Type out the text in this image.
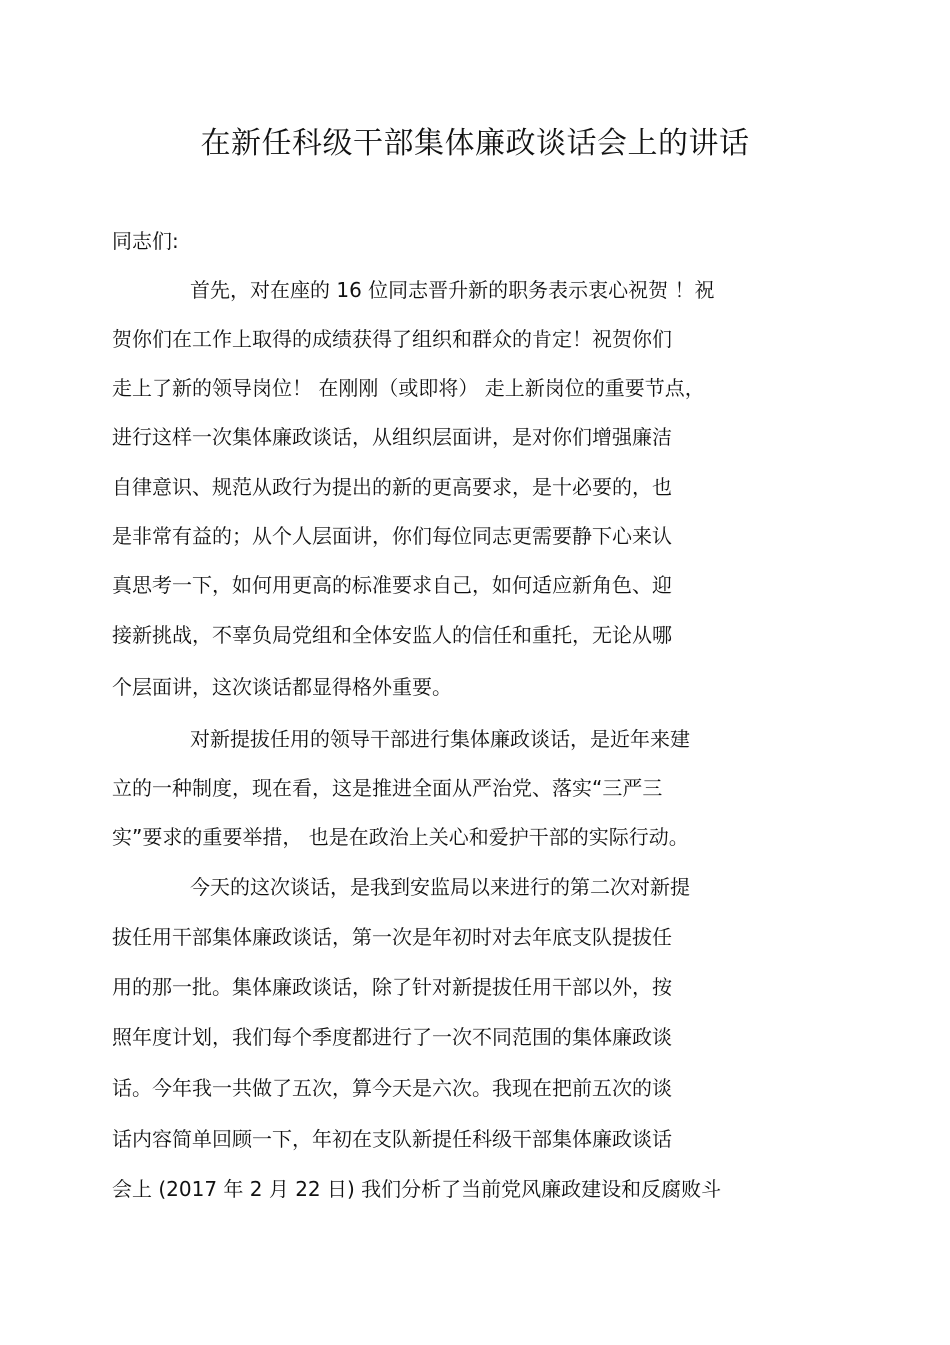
在新任科级干部集体廉政谈话会上的讲话
同志们:
首先，对在座的 16 位同志晋升新的职务表示衷心祝贺 ！祝
贺你们在工作上取得的成绩获得了组织和群众的肯定！祝贺你们
走上了新的领导岗位！ 在刚刚（或即将） 走上新岗位的重要节点，
进行这样一次集体廉政谈话，从组织层面讲，是对你们增强廉洁
自律意识、规范从政行为提出的新的更高要求，是十必要的，也
是非常有益的；从个人层面讲，你们每位同志更需要静下心来认
真思考一下，如何用更高的标准要求自己，如何适应新角色、迎
接新挑战，不辜负局党组和全体安监人的信任和重托，无论从哪
个层面讲，这次谈话都显得格外重要。
对新提拔任用的领导干部进行集体廉政谈话，是近年来建
立的一种制度，现在看，这是推进全面从严治党、落实“三严三
实”要求的重要举措， 也是在政治上关心和爱护干部的实际行动。
今天的这次谈话，是我到安监局以来进行的第二次对新提
拔任用干部集体廉政谈话，第一次是年初时对去年底支队提拔任
用的那一批。集体廉政谈话，除了针对新提拔任用干部以外，按
照年度计划，我们每个季度都进行了一次不同范围的集体廉政谈
话。今年我一共做了五次，算今天是六次。我现在把前五次的谈
话内容简单回顾一下，年初在支队新提任科级干部集体廉政谈话
会上 (2017 年 2 月 22 日) 我们分析了当前党风廉政建设和反腐败斗
